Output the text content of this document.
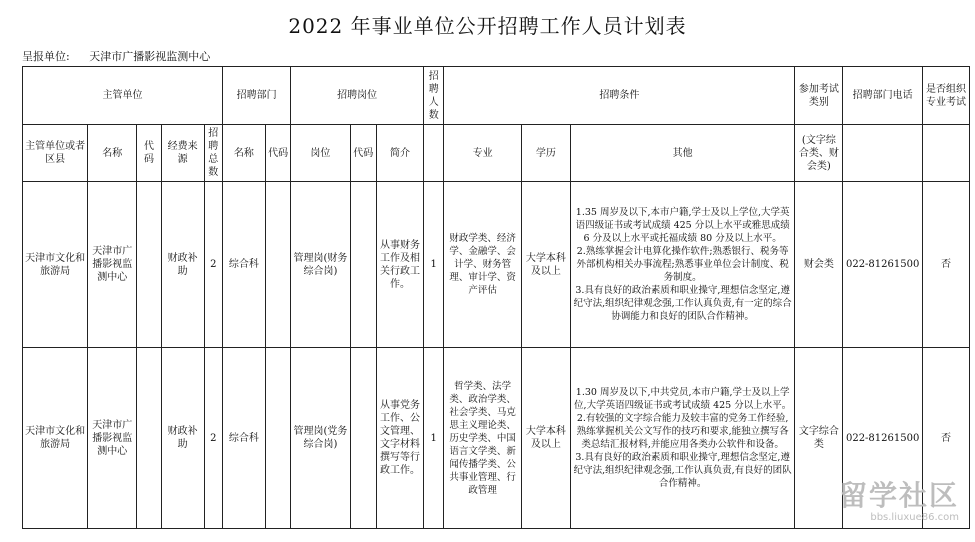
2022 年事业单位公开招聘工作人员计划表
呈报单位: 天津市广播影视监测中心
主管单位					招聘部门		招聘岗位			招聘人数	招聘条件			参加考试类别	招聘部门电话	是否组织专业考试
主管单位或者区县	名称	代码	经费来源	招聘总数	名称	代码	岗位	代码	简介		专业	学历	其他	(文字综合类、财会类)		
天津市文化和旅游局	天津市广播影视监测中心		财政补助	2	综合科		管理岗(财务综合岗)		从事财务工作及相关行政工作。	1	财政学类、经济学、金融学、会计学、财务管理、审计学、资产评估	大学本科及以上	1.35 周岁及以下,本市户籍,学士及以上学位,大学英语四级证书或考试成绩 425 分以上水平或雅思成绩 6 分及以上水平或托福成绩 80 分及以上水平。
2.熟练掌握会计电算化操作软件;熟悉银行、税务等外部机构相关办事流程;熟悉事业单位会计制度、税务制度。
3.具有良好的政治素质和职业操守,理想信念坚定,遵纪守法,组织纪律观念强,工作认真负责,有一定的综合协调能力和良好的团队合作精神。	财会类	022-81261500	否
天津市文化和旅游局	天津市广播影视监测中心		财政补助	2	综合科		管理岗(党务综合岗)		从事党务工作、公文管理、文字材料撰写等行政工作。	1	哲学类、法学类、政治学类、社会学类、马克思主义理论类、历史学类、中国语言文学类、新闻传播学类、公共事业管理、行政管理	大学本科及以上	1.30 周岁及以下,中共党员,本市户籍,学士及以上学位,大学英语四级证书或考试成绩 425 分以上水平。
2.有较强的文字综合能力及较丰富的党务工作经验,熟练掌握机关公文写作的技巧和要求,能独立撰写各类总结汇报材料,并能应用各类办公软件和设备。
3.具有良好的政治素质和职业操守,理想信念坚定,遵纪守法,组织纪律观念强,工作认真负责,有良好的团队合作精神。	文字综合类	022-81261500	否
留学社区
bbs.liuxue86.com
